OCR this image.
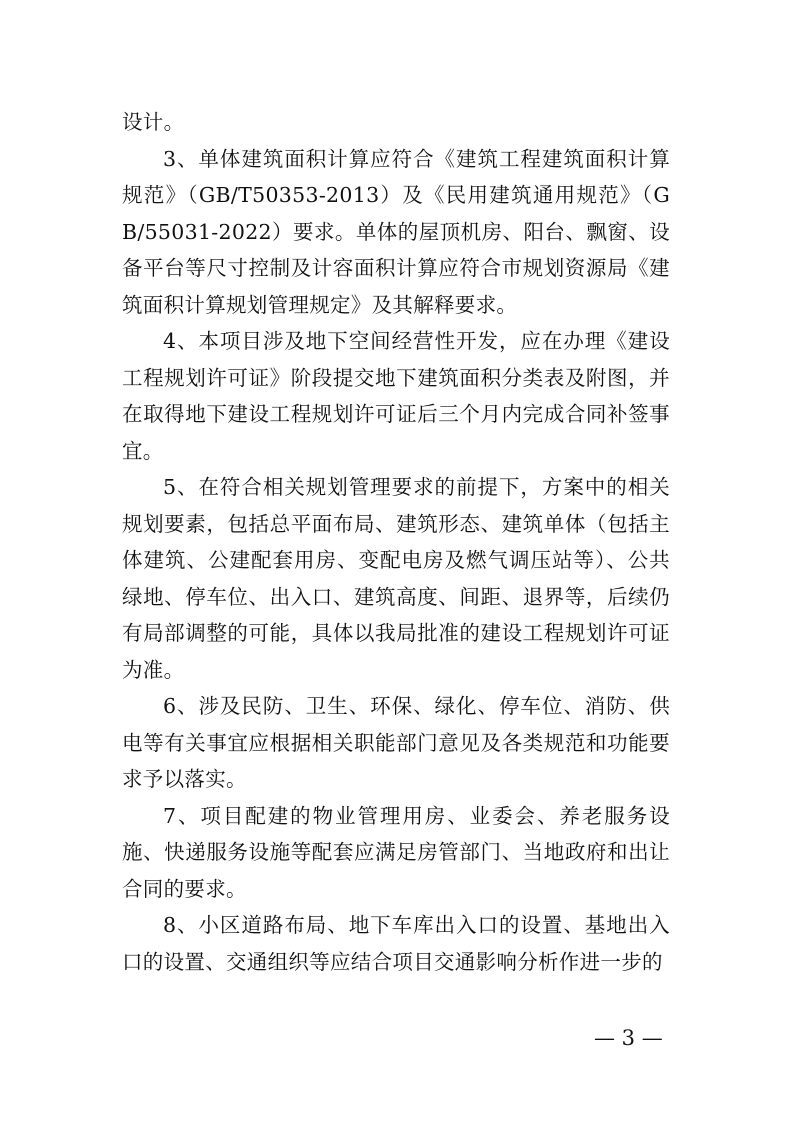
设计。

3、单体建筑面积计算应符合《建筑工程建筑面积计算规范》（GB/T50353-2013）及《民用建筑通用规范》（GB/55031-2022）要求。单体的屋顶机房、阳台、飘窗、设备平台等尺寸控制及计容面积计算应符合市规划资源局《建筑面积计算规划管理规定》及其解释要求。

4、本项目涉及地下空间经营性开发，应在办理《建设工程规划许可证》阶段提交地下建筑面积分类表及附图，并在取得地下建设工程规划许可证后三个月内完成合同补签事宜。

5、在符合相关规划管理要求的前提下，方案中的相关规划要素，包括总平面布局、建筑形态、建筑单体（包括主体建筑、公建配套用房、变配电房及燃气调压站等）、公共绿地、停车位、出入口、建筑高度、间距、退界等，后续仍有局部调整的可能，具体以我局批准的建设工程规划许可证为准。

6、涉及民防、卫生、环保、绿化、停车位、消防、供电等有关事宜应根据相关职能部门意见及各类规范和功能要求予以落实。

7、项目配建的物业管理用房、业委会、养老服务设施、快递服务设施等配套应满足房管部门、当地政府和出让合同的要求。

8、小区道路布局、地下车库出入口的设置、基地出入口的设置、交通组织等应结合项目交通影响分析作进一步的

— 3 —
